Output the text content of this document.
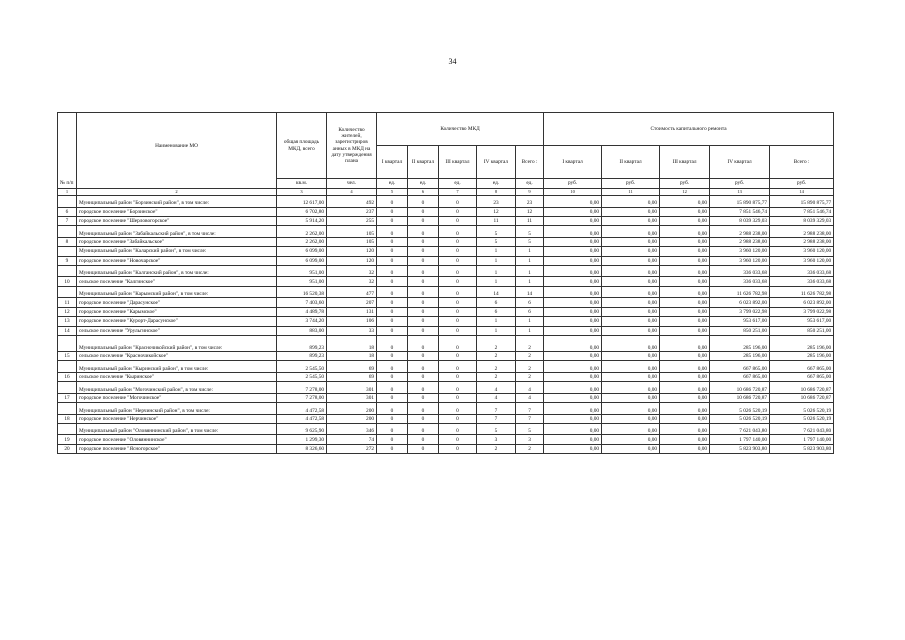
34
	Наименование МО	общая площадь МКД, всего	Количество жителей, зарегистриров анных в МКД на дату утверждения плана	Количество МКД					Стоимость капитального ремонта				
				I квартал	II квартал	III квартал	IV квартал	Всего :	I квартал	II квартал	III квартал	IV квартал	Всего :
№ п/п		кв.м.	чел.	ед.	ед.	ед.	ед.	ед.	руб.	руб.	руб.	руб.	руб.
1	2	3	4	5	6	7	8	9	10	11	12	13	14
	Муниципальный район "Борзинский район", в том числе:	12 617,00	492	0	0	0	23	23	0,00	0,00	0,00	15 890 875,77	15 890 875,77
6	городское поселение "Борзинское"	6 702,80	237	0	0	0	12	12	0,00	0,00	0,00	7 851 546,74	7 851 546,74
7	городское поселение "Шерловогорское"	5 914,20	255	0	0	0	11	11	0,00	0,00	0,00	8 039 329,03	8 039 329,03
	Муниципальный район "Забайкальский район", в том числе:	2 262,00	105	0	0	0	5	5	0,00	0,00	0,00	2 988 238,00	2 988 238,00
8	городское поселение "Забайкальское"	2 262,00	105	0	0	0	5	5	0,00	0,00	0,00	2 988 238,00	2 988 238,00
	Муниципальный район "Каларский район", в том числе:	6 099,00	120	0	0	0	1	1	0,00	0,00	0,00	3 960 120,00	3 960 120,00
9	городское поселение "Новочарское"	6 099,00	120	0	0	0	1	1	0,00	0,00	0,00	3 960 120,00	3 960 120,00
	Муниципальный район "Калганский район", в том числе:	951,00	32	0	0	0	1	1	0,00	0,00	0,00	336 033,68	336 033,68
10	сельское поселение "Калгинское"	951,00	32	0	0	0	1	1	0,00	0,00	0,00	336 033,68	336 033,68
	Муниципальный район "Карымский район", в том числе:	16 520,38	477	0	0	0	14	14	0,00	0,00	0,00	11 626 782,98	11 626 782,98
11	городское поселение "Дарасунское"	7 403,60	207	0	0	0	6	6	0,00	0,00	0,00	6 023 892,00	6 023 892,00
12	городское поселение "Карымское"	4 489,78	131	0	0	0	6	6	0,00	0,00	0,00	3 799 022,98	3 799 022,98
13	городское поселение "Курорт-Дарасунское"	3 744,20	106	0	0	0	1	1	0,00	0,00	0,00	953 617,00	953 617,00
14	сельское поселение "Урульгинское"	883,00	33	0	0	0	1	1	0,00	0,00	0,00	850 251,00	850 251,00
	Муниципальный район "Красночикойский район", в том числе:	899,23	18	0	0	0	2	2	0,00	0,00	0,00	285 196,00	285 196,00
15	сельское поселение "Красночикойское"	899,23	18	0	0	0	2	2	0,00	0,00	0,00	285 196,00	285 196,00
	Муниципальный район "Кыринский район", в том числе:	2 545,50	69	0	0	0	2	2	0,00	0,00	0,00	667 865,00	667 865,00
16	сельское поселение "Кыринское"	2 545,50	69	0	0	0	2	2	0,00	0,00	0,00	667 865,00	667 865,00
	Муниципальный район "Могочинский район", в том числе:	7 278,00	301	0	0	0	4	4	0,00	0,00	0,00	10 686 720,87	10 686 720,87
17	городское поселение "Могочинское"	7 278,00	301	0	0	0	4	4	0,00	0,00	0,00	10 686 720,87	10 686 720,87
	Муниципальный район "Нерчинский район", в том числе:	4 472,58	200	0	0	0	7	7	0,00	0,00	0,00	5 026 520,19	5 026 520,19
18	городское поселение "Нерчинское"	4 472,58	200	0	0	0	7	7	0,00	0,00	0,00	5 026 520,19	5 026 520,19
	Муниципальный район "Оловяннинский район", в том числе:	9 625,90	346	0	0	0	5	5	0,00	0,00	0,00	7 621 043,80	7 621 043,80
19	городское поселение "Оловяннинское"	1 299,30	74	0	0	0	3	3	0,00	0,00	0,00	1 797 140,00	1 797 140,00
20	городское поселение "Ясногорское"	8 326,60	272	0	0	0	2	2	0,00	0,00	0,00	5 823 903,80	5 823 903,80
